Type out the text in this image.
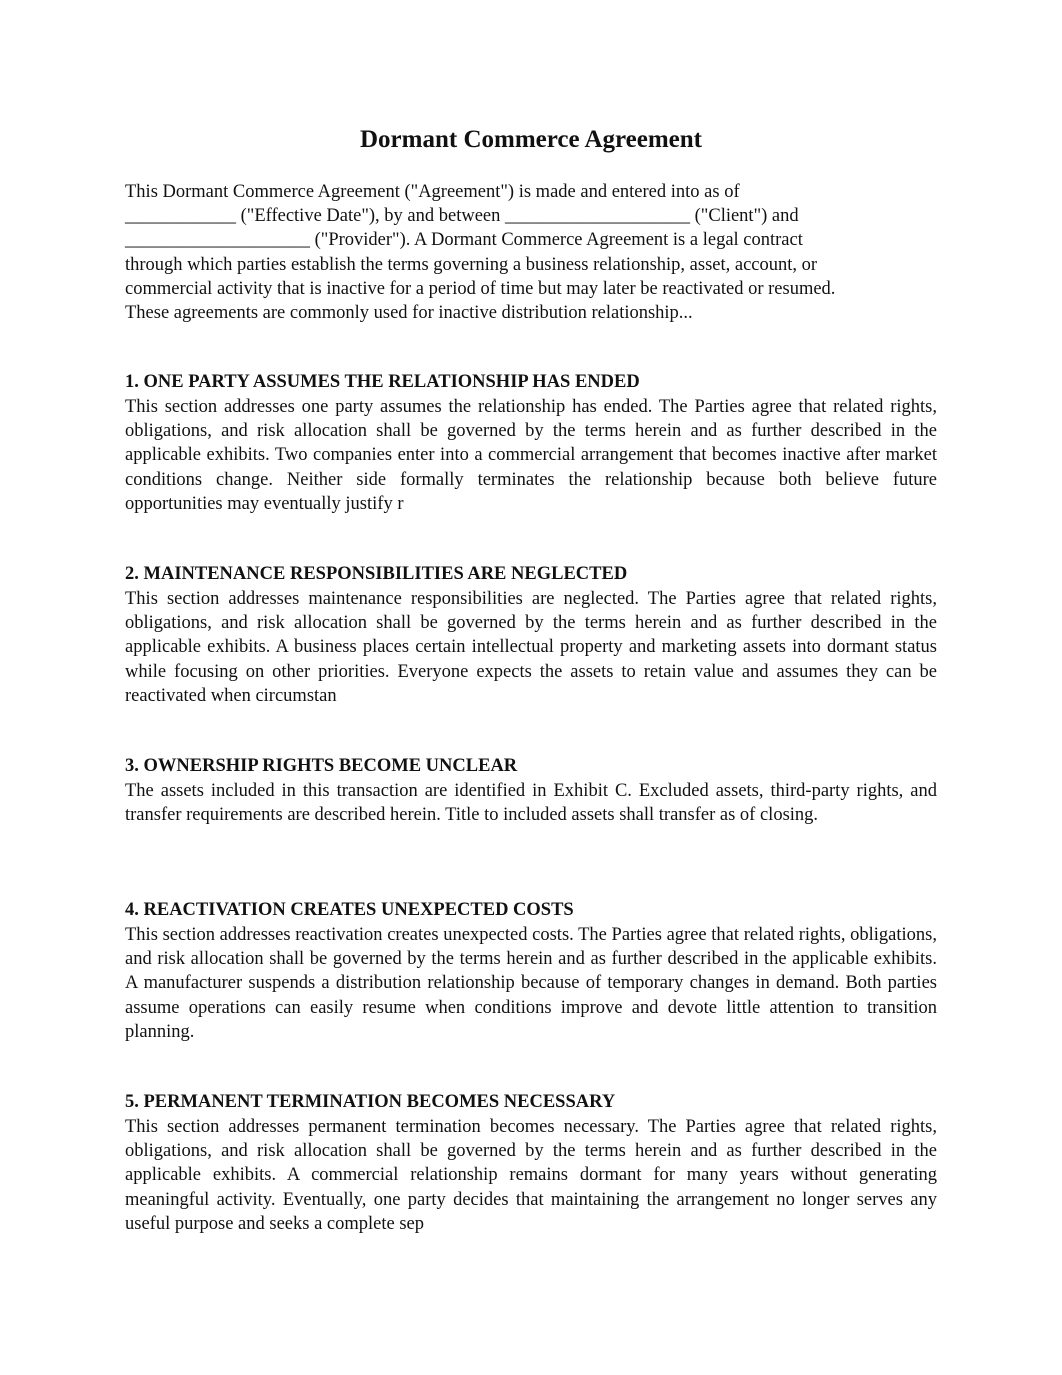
Dormant Commerce Agreement

This Dormant Commerce Agreement ("Agreement") is made and entered into as of
____________ ("Effective Date"), by and between ____________________ ("Client") and
____________________ ("Provider"). A Dormant Commerce Agreement is a legal contract
through which parties establish the terms governing a business relationship, asset, account, or
commercial activity that is inactive for a period of time but may later be reactivated or resumed.
These agreements are commonly used for inactive distribution relationship...

1. ONE PARTY ASSUMES THE RELATIONSHIP HAS ENDED

This section addresses one party assumes the relationship has ended. The Parties agree that related rights, obligations, and risk allocation shall be governed by the terms herein and as further described in the applicable exhibits. Two companies enter into a commercial arrangement that becomes inactive after market conditions change. Neither side formally terminates the relationship because both believe future opportunities may eventually justify r

2. MAINTENANCE RESPONSIBILITIES ARE NEGLECTED

This section addresses maintenance responsibilities are neglected. The Parties agree that related rights, obligations, and risk allocation shall be governed by the terms herein and as further described in the applicable exhibits. A business places certain intellectual property and marketing assets into dormant status while focusing on other priorities. Everyone expects the assets to retain value and assumes they can be reactivated when circumstan

3. OWNERSHIP RIGHTS BECOME UNCLEAR

The assets included in this transaction are identified in Exhibit C. Excluded assets, third-party rights, and transfer requirements are described herein. Title to included assets shall transfer as of closing.

4. REACTIVATION CREATES UNEXPECTED COSTS

This section addresses reactivation creates unexpected costs. The Parties agree that related rights, obligations, and risk allocation shall be governed by the terms herein and as further described in the applicable exhibits. A manufacturer suspends a distribution relationship because of temporary changes in demand. Both parties assume operations can easily resume when conditions improve and devote little attention to transition planning.

5. PERMANENT TERMINATION BECOMES NECESSARY

This section addresses permanent termination becomes necessary. The Parties agree that related rights, obligations, and risk allocation shall be governed by the terms herein and as further described in the applicable exhibits. A commercial relationship remains dormant for many years without generating meaningful activity. Eventually, one party decides that maintaining the arrangement no longer serves any useful purpose and seeks a complete sep
